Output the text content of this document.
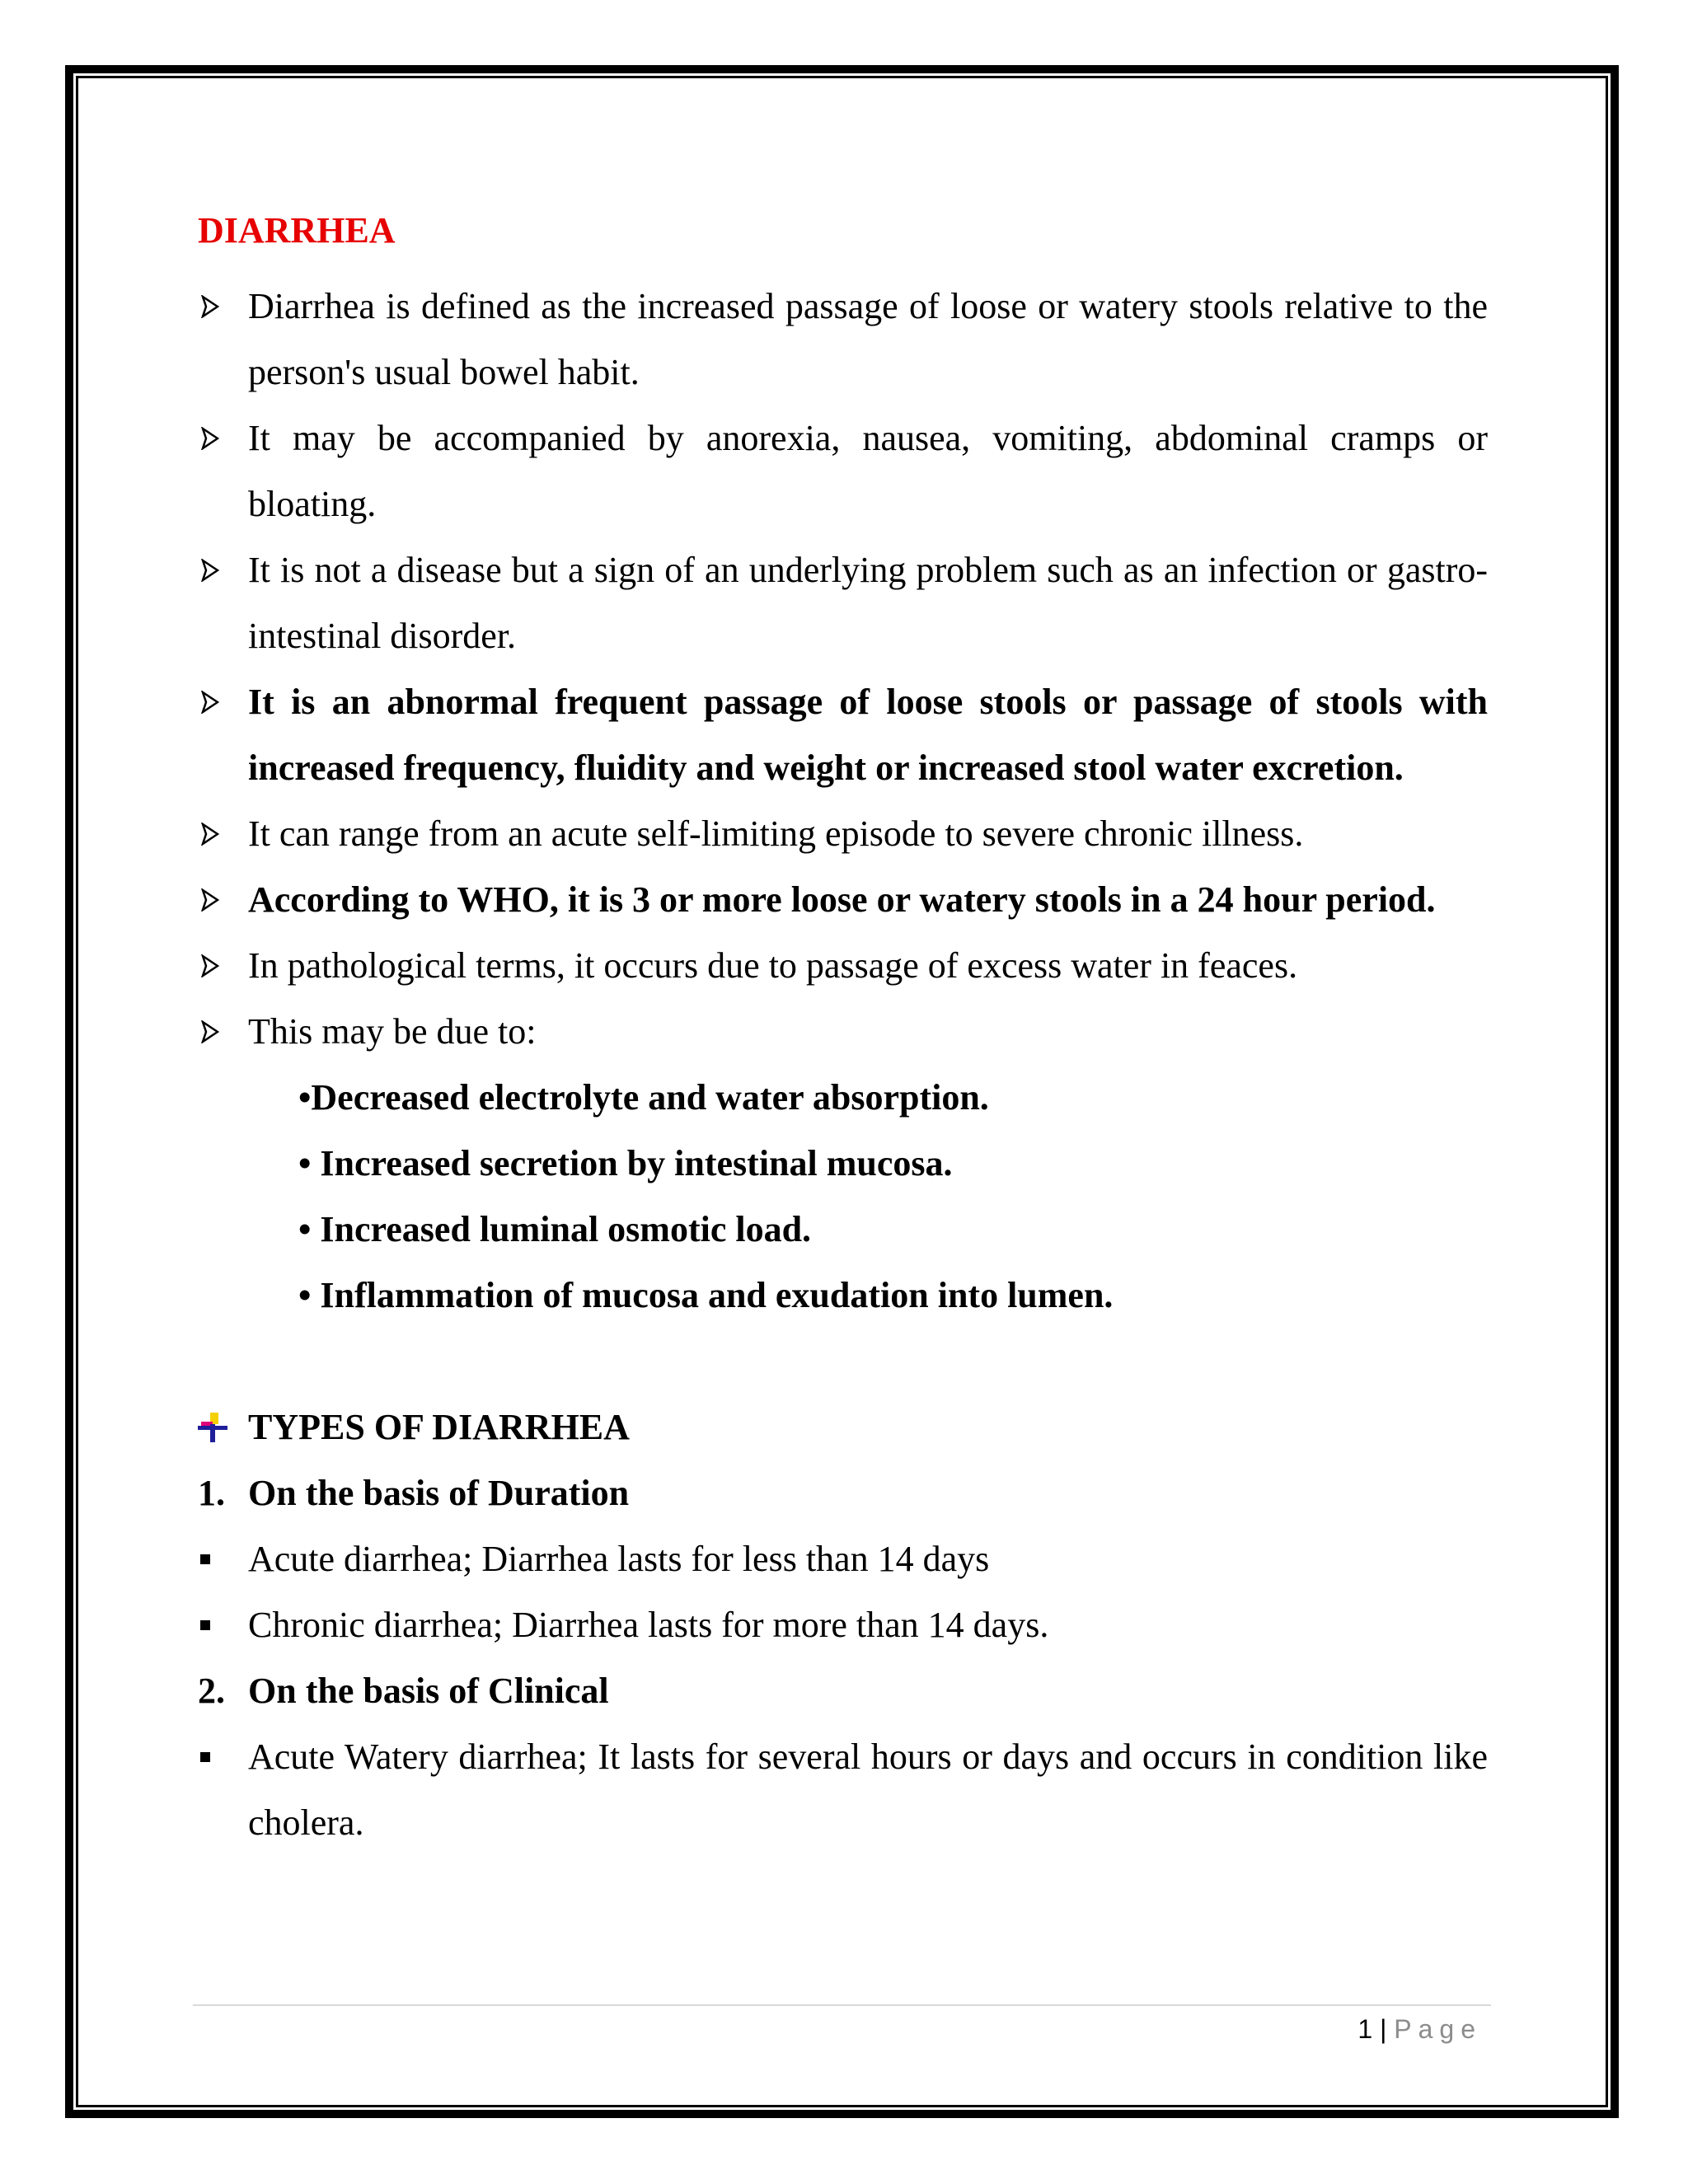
DIARRHEA
Diarrhea is defined as the increased passage of loose or watery stools relative to the person's usual bowel habit.
It may be accompanied by anorexia, nausea, vomiting, abdominal cramps or bloating.
It is not a disease but a sign of an underlying problem such as an infection or gastro-intestinal disorder.
It is an abnormal frequent passage of loose stools or passage of stools with increased frequency, fluidity and weight or increased stool water excretion.
It can range from an acute self-limiting episode to severe chronic illness.
According to WHO, it is 3 or more loose or watery stools in a 24 hour period.
In pathological terms, it occurs due to passage of excess water in feaces.
This may be due to:
•Decreased electrolyte and water absorption.
• Increased secretion by intestinal mucosa.
• Increased luminal osmotic load.
• Inflammation of mucosa and exudation into lumen.
TYPES OF DIARRHEA
1. On the basis of Duration
Acute diarrhea; Diarrhea lasts for less than 14 days
Chronic diarrhea; Diarrhea lasts for more than 14 days.
2. On the basis of Clinical
Acute Watery diarrhea; It lasts for several hours or days and occurs in condition like cholera.
1 | Page
